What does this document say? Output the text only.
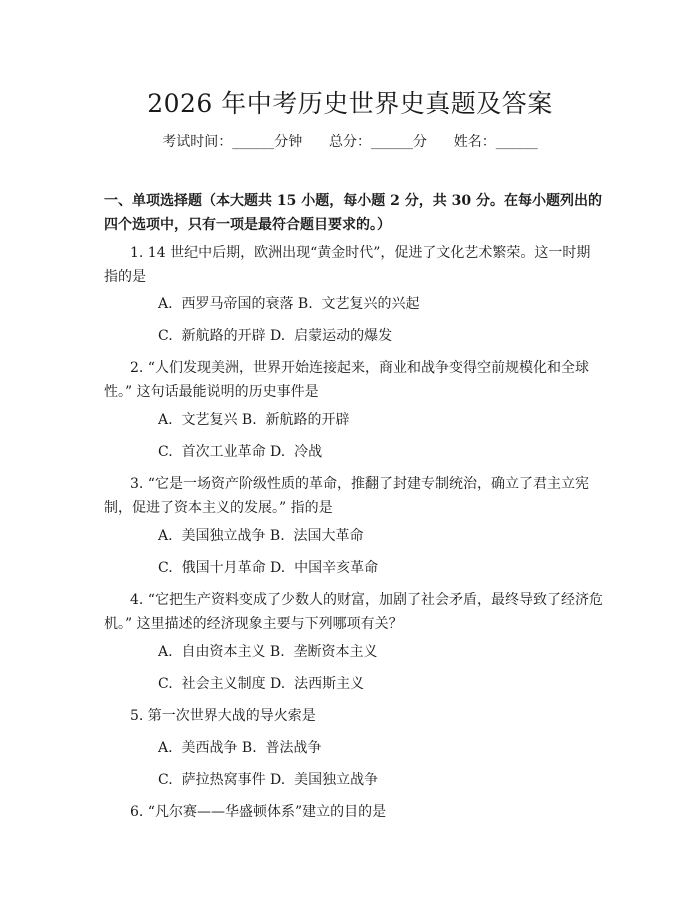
2026 年中考历史世界史真题及答案
考试时间：______分钟      总分：______分      姓名：______
一、单项选择题（本大题共 15 小题，每小题 2 分，共 30 分。在每小题列出的四个选项中，只有一项是最符合题目要求的。）
1. 14 世纪中后期，欧洲出现“黄金时代”，促进了文化艺术繁荣。这一时期指的是
A.  西罗马帝国的衰落 B.  文艺复兴的兴起
C.  新航路的开辟 D.  启蒙运动的爆发
2. “人们发现美洲，世界开始连接起来，商业和战争变得空前规模化和全球性。” 这句话最能说明的历史事件是
A.  文艺复兴 B.  新航路的开辟
C.  首次工业革命 D.  冷战
3. “它是一场资产阶级性质的革命，推翻了封建专制统治，确立了君主立宪制，促进了资本主义的发展。” 指的是
A.  美国独立战争 B.  法国大革命
C.  俄国十月革命 D.  中国辛亥革命
4. “它把生产资料变成了少数人的财富，加剧了社会矛盾，最终导致了经济危机。” 这里描述的经济现象主要与下列哪项有关？
A.  自由资本主义 B.  垄断资本主义
C.  社会主义制度 D.  法西斯主义
5. 第一次世界大战的导火索是
A.  美西战争 B.  普法战争
C.  萨拉热窝事件 D.  美国独立战争
6. “凡尔赛——华盛顿体系”建立的目的是
